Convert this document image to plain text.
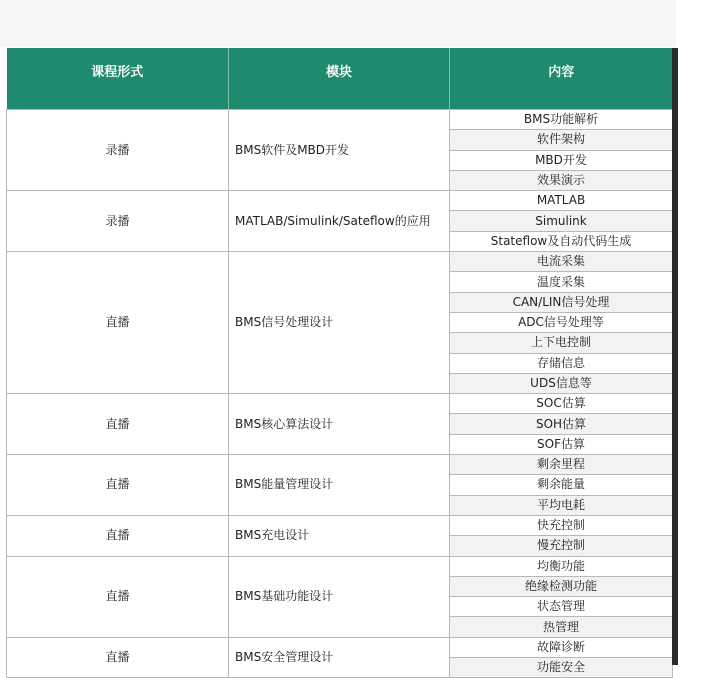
课程形式	模块	内容

录播	BMS软件及MBD开发	BMS功能解析
		软件架构
		MBD开发
		效果演示
录播	MATLAB/Simulink/Sateflow的应用	MATLAB
		Simulink
		Stateflow及自动代码生成
直播	BMS信号处理设计	电流采集
		温度采集
		CAN/LIN信号处理
		ADC信号处理等
		上下电控制
		存储信息
		UDS信息等
直播	BMS核心算法设计	SOC估算
		SOH估算
		SOF估算
直播	BMS能量管理设计	剩余里程
		剩余能量
		平均电耗
直播	BMS充电设计	快充控制
		慢充控制
直播	BMS基础功能设计	均衡功能
		绝缘检测功能
		状态管理
		热管理
直播	BMS安全管理设计	故障诊断
		功能安全
